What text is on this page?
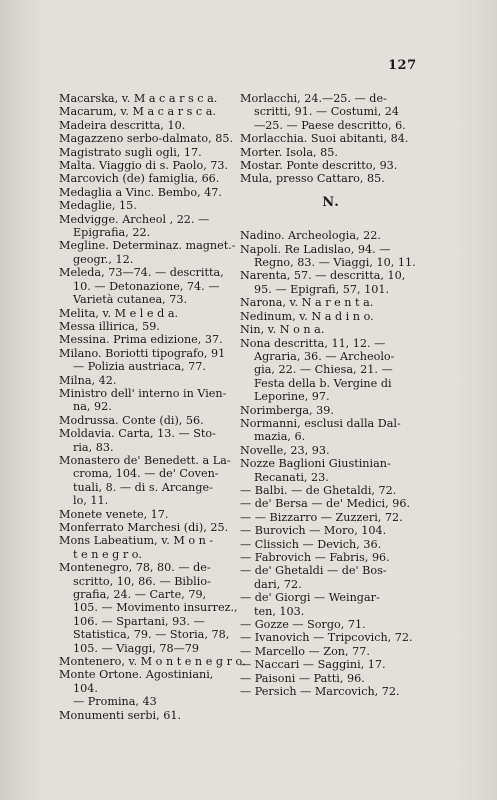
127
Macarska, v. M a c a r s c a.
Macarum, v. M a c a r s c a.
Madeira descritta, 10.
Magazzeno serbo-dalmato, 85.
Magistrato sugli ogli, 17.
Malta. Viaggio di s. Paolo, 73.
Marcovich (de) famiglia, 66.
Medaglia a Vinc. Bembo, 47.
Medaglie, 15.
Medvigge. Archeol , 22. —
Epigrafia, 22.
Megline. Determinaz. magnet.-
geogr., 12.
Meleda, 73—74. — descritta,
10. — Detonazione, 74. —
Varietà cutanea, 73.
Melita, v. M e l e d a.
Messa illirica, 59.
Messina. Prima edizione, 37.
Milano. Boriotti tipografo, 91
— Polizia austriaca, 77.
Milna, 42.
Ministro dell' interno in Vien-
na, 92.
Modrussa. Conte (di), 56.
Moldavia. Carta, 13. — Sto-
ria, 83.
Monastero de' Benedett. a La-
croma, 104. — de' Coven-
tuali, 8. — di s. Arcange-
lo, 11.
Monete venete, 17.
Monferrato Marchesi (di), 25.
Mons Labeatium, v. M o n -
t e n e g r o.
Montenegro, 78, 80. — de-
scritto, 10, 86. — Biblio-
grafia, 24. — Carte, 79,
105. — Movimento insurrez.,
106. — Spartani, 93. —
Statistica, 79. — Storia, 78,
105. — Viaggi, 78—79
Montenero, v. M o n t e n e g r o.
Monte Ortone. Agostiniani,
104.
— Promina, 43
Monumenti serbi, 61.
Morlacchi, 24.—25. — de-
scritti, 91. — Costumi, 24
—25. — Paese descritto, 6.
Morlacchia. Suoi abitanti, 84.
Morter. Isola, 85.
Mostar. Ponte descritto, 93.
Mula, presso Cattaro, 85.
N.
Nadino. Archeologia, 22.
Napoli. Re Ladislao, 94. —
Regno, 83. — Viaggi, 10, 11.
Narenta, 57. — descritta, 10,
95. — Epigrafi, 57, 101.
Narona, v. N a r e n t a.
Nedinum, v. N a d i n o.
Nin, v. N o n a.
Nona descritta, 11, 12. —
Agraria, 36. — Archeolo-
gia, 22. — Chiesa, 21. —
Festa della b. Vergine di
Leporine, 97.
Norimberga, 39.
Normanni, esclusi dalla Dal-
mazia, 6.
Novelle, 23, 93.
Nozze Baglioni Giustinian-
Recanati, 23.
— Balbi. — de Ghetaldi, 72.
— de' Bersa — de' Medici, 96.
— — Bizzarro — Zuzzeri, 72.
— Burovich — Moro, 104.
— Clissich — Devich, 36.
— Fabrovich — Fabris, 96.
— de' Ghetaldi — de' Bos-
dari, 72.
— de' Giorgi — Weingar-
ten, 103.
— Gozze — Sorgo, 71.
— Ivanovich — Tripcovich, 72.
— Marcello — Zon, 77.
— Naccari — Saggini, 17.
— Paisoni — Patti, 96.
— Persich — Marcovich, 72.
